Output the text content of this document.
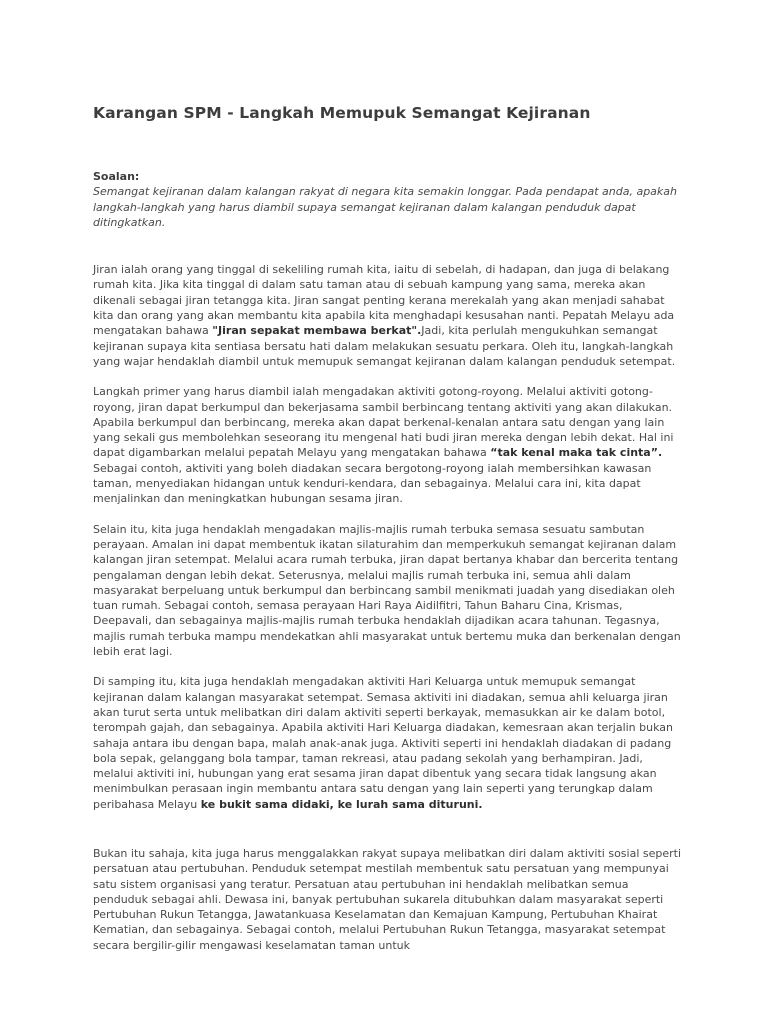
Karangan SPM - Langkah Memupuk Semangat Kejiranan
Soalan:
Semangat kejiranan dalam kalangan rakyat di negara kita semakin longgar. Pada pendapat anda, apakah langkah-langkah yang harus diambil supaya semangat kejiranan dalam kalangan penduduk dapat ditingkatkan.

Jiran ialah orang yang tinggal di sekeliling rumah kita, iaitu di sebelah, di hadapan, dan juga di belakang rumah kita. Jika kita tinggal di dalam satu taman atau di sebuah kampung yang sama, mereka akan dikenali sebagai jiran tetangga kita. Jiran sangat penting kerana merekalah yang akan menjadi sahabat kita dan orang yang akan membantu kita apabila kita menghadapi kesusahan nanti. Pepatah Melayu ada mengatakan bahawa "Jiran sepakat membawa berkat".Jadi, kita perlulah mengukuhkan semangat kejiranan supaya kita sentiasa bersatu hati dalam melakukan sesuatu perkara. Oleh itu, langkah-langkah yang wajar hendaklah diambil untuk memupuk semangat kejiranan dalam kalangan penduduk setempat.

Langkah primer yang harus diambil ialah mengadakan aktiviti gotong-royong. Melalui aktiviti gotong-royong, jiran dapat berkumpul dan bekerjasama sambil berbincang tentang aktiviti yang akan dilakukan. Apabila berkumpul dan berbincang, mereka akan dapat berkenal-kenalan antara satu dengan yang lain yang sekali gus membolehkan seseorang itu mengenal hati budi jiran mereka dengan lebih dekat. Hal ini dapat digambarkan melalui pepatah Melayu yang mengatakan bahawa “tak kenal maka tak cinta”. Sebagai contoh, aktiviti yang boleh diadakan secara bergotong-royong ialah membersihkan kawasan taman, menyediakan hidangan untuk kenduri-kendara, dan sebagainya. Melalui cara ini, kita dapat menjalinkan dan meningkatkan hubungan sesama jiran.

Selain itu, kita juga hendaklah mengadakan majlis-majlis rumah terbuka semasa sesuatu sambutan perayaan. Amalan ini dapat membentuk ikatan silaturahim dan memperkukuh semangat kejiranan dalam kalangan jiran setempat. Melalui acara rumah terbuka, jiran dapat bertanya khabar dan bercerita tentang pengalaman dengan lebih dekat. Seterusnya, melalui majlis rumah terbuka ini, semua ahli dalam masyarakat berpeluang untuk berkumpul dan berbincang sambil menikmati juadah yang disediakan oleh tuan rumah. Sebagai contoh, semasa perayaan Hari Raya Aidilfitri, Tahun Baharu Cina, Krismas, Deepavali, dan sebagainya majlis-majlis rumah terbuka hendaklah dijadikan acara tahunan. Tegasnya, majlis rumah terbuka mampu mendekatkan ahli masyarakat untuk bertemu muka dan berkenalan dengan lebih erat lagi.

Di samping itu, kita juga hendaklah mengadakan aktiviti Hari Keluarga untuk memupuk semangat kejiranan dalam kalangan masyarakat setempat. Semasa aktiviti ini diadakan, semua ahli keluarga jiran akan turut serta untuk melibatkan diri dalam aktiviti seperti berkayak, memasukkan air ke dalam botol, terompah gajah, dan sebagainya. Apabila aktiviti Hari Keluarga diadakan, kemesraan akan terjalin bukan sahaja antara ibu dengan bapa, malah anak-anak juga. Aktiviti seperti ini hendaklah diadakan di padang bola sepak, gelanggang bola tampar, taman rekreasi, atau padang sekolah yang berhampiran. Jadi, melalui aktiviti ini, hubungan yang erat sesama jiran dapat dibentuk yang secara tidak langsung akan menimbulkan perasaan ingin membantu antara satu dengan yang lain seperti yang terungkap dalam peribahasa Melayu ke bukit sama didaki, ke lurah sama dituruni.

Bukan itu sahaja, kita juga harus menggalakkan rakyat supaya melibatkan diri dalam aktiviti sosial seperti persatuan atau pertubuhan. Penduduk setempat mestilah membentuk satu persatuan yang mempunyai satu sistem organisasi yang teratur. Persatuan atau pertubuhan ini hendaklah melibatkan semua penduduk sebagai ahli. Dewasa ini, banyak pertubuhan sukarela ditubuhkan dalam masyarakat seperti Pertubuhan Rukun Tetangga, Jawatankuasa Keselamatan dan Kemajuan Kampung, Pertubuhan Khairat Kematian, dan sebagainya. Sebagai contoh, melalui Pertubuhan Rukun Tetangga, masyarakat setempat secara bergilir-gilir mengawasi keselamatan taman untuk
